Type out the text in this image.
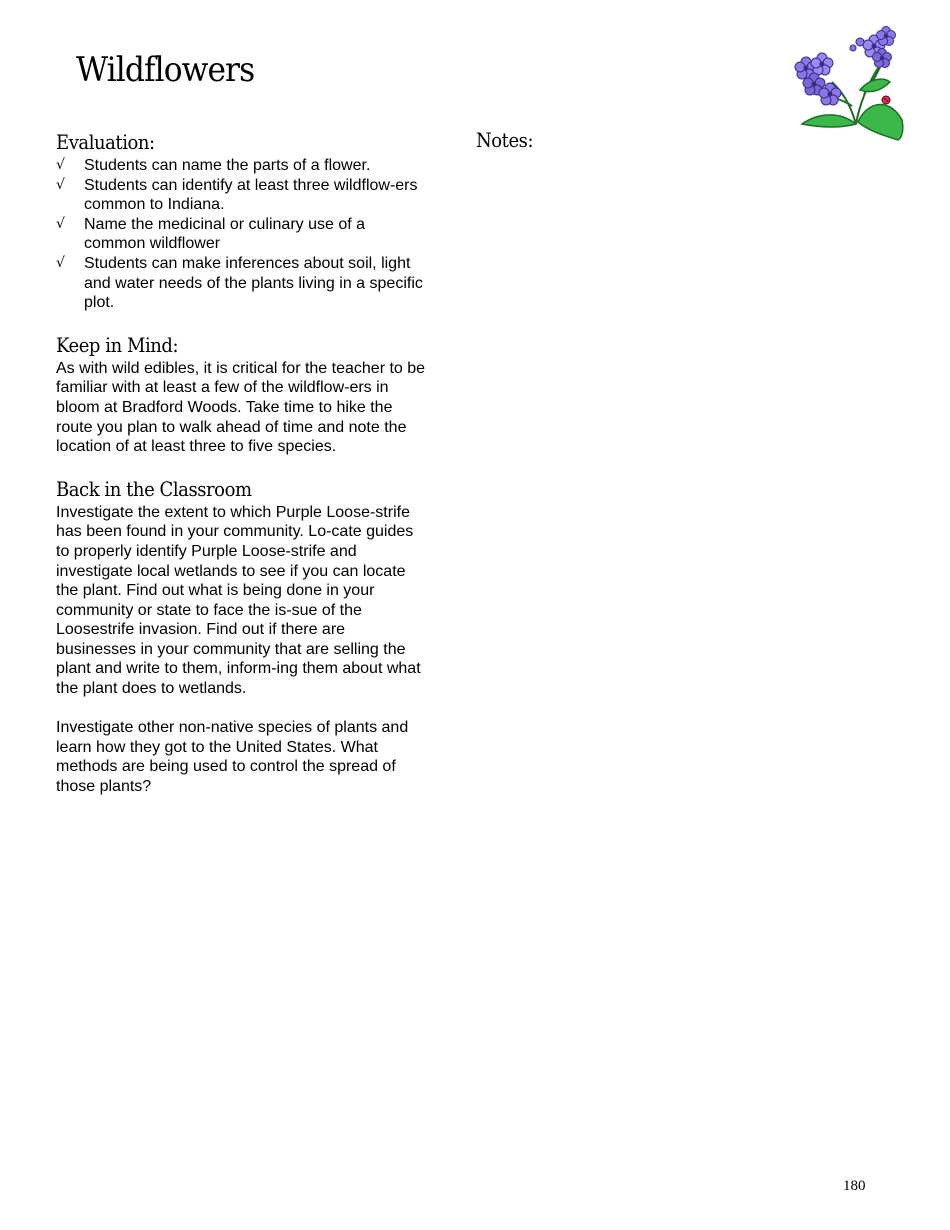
Wildflowers
Evaluation:
√ Students can name the parts of a flower.
√ Students can identify at least three wildflow-ers common to Indiana.
√ Name the medicinal or culinary use of a common wildflower
√ Students can make inferences about soil, light and water needs of the plants living in a specific plot.
Keep in Mind:

As with wild edibles, it is critical for the teacher to be familiar with at least a few of the wildflow-ers in bloom at Bradford Woods. Take time to hike the route you plan to walk ahead of time and note the location of at least three to five species.

Back in the Classroom

Investigate the extent to which Purple Loose-strife has been found in your community. Lo-cate guides to properly identify Purple Loose-strife and investigate local wetlands to see if you can locate the plant. Find out what is being done in your community or state to face the is-sue of the Loosestrife invasion. Find out if there are businesses in your community that are selling the plant and write to them, inform-ing them about what the plant does to wetlands.

Investigate other non-native species of plants and learn how they got to the United States. What methods are being used to control the spread of those plants?

Notes:
180
